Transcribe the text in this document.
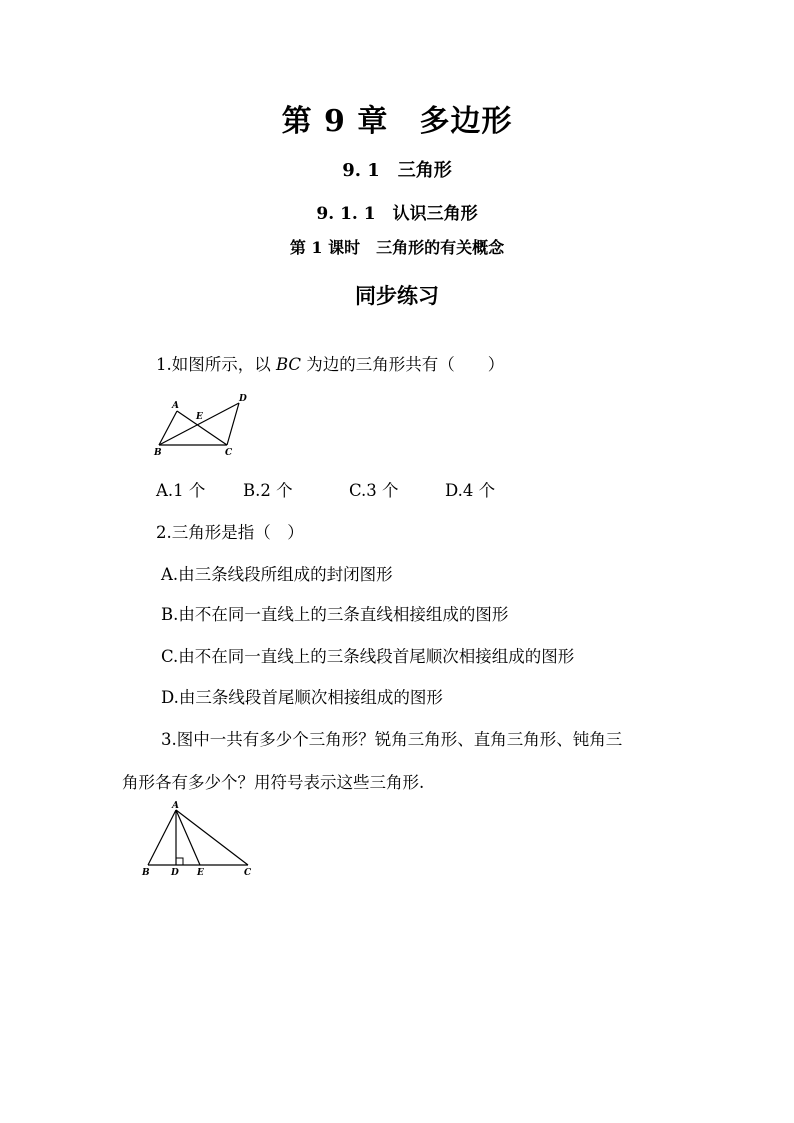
第 9 章　多边形
9. 1　三角形
9. 1. 1　认识三角形
第 1 课时　三角形的有关概念
同步练习
1.如图所示，以 BC 为边的三角形共有（　　）
A
E
D
B	C
A.1 个 B.2 个	C.3 个	D.4 个
2.三角形是指（　）
A.由三条线段所组成的封闭图形
B.由不在同一直线上的三条直线相接组成的图形
C.由不在同一直线上的三条线段首尾顺次相接组成的图形
D.由三条线段首尾顺次相接组成的图形
3.图中一共有多少个三角形？锐角三角形、直角三角形、钝角三
角形各有多少个？用符号表示这些三角形.
A
B D E	C
